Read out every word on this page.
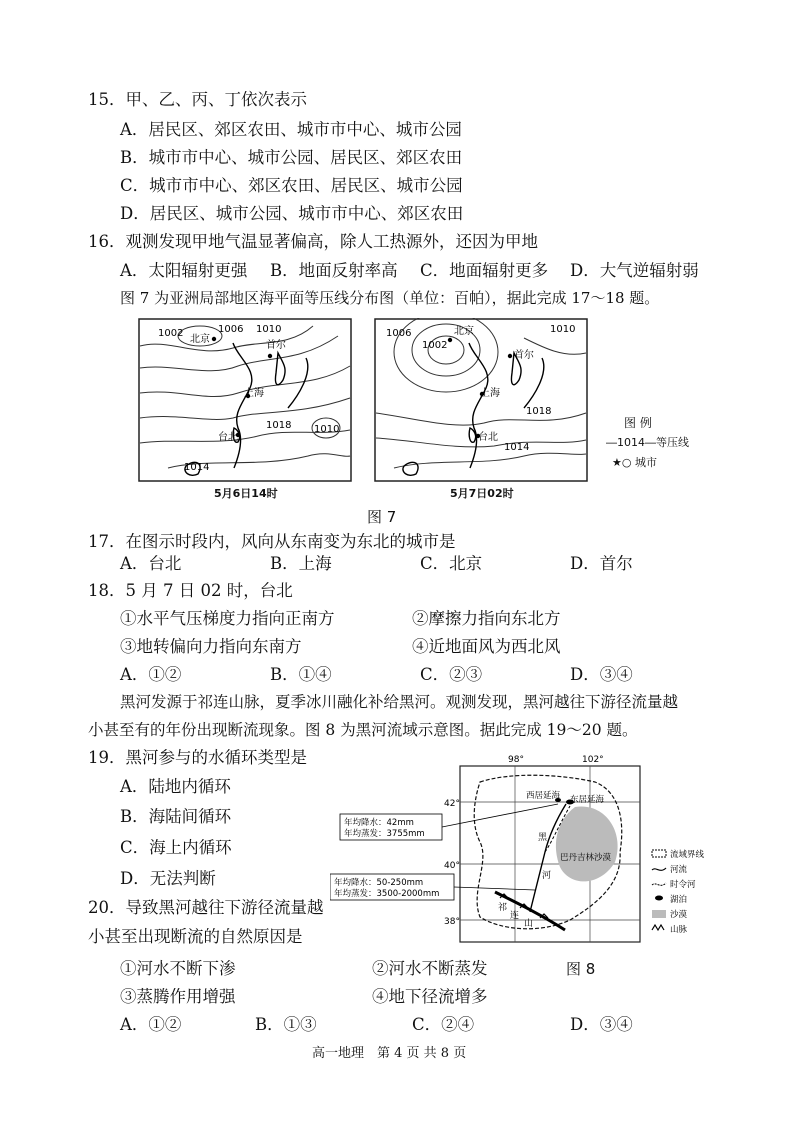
15．甲、乙、丙、丁依次表示
A．居民区、郊区农田、城市市中心、城市公园
B．城市市中心、城市公园、居民区、郊区农田
C．城市市中心、郊区农田、居民区、城市公园
D．居民区、城市公园、城市市中心、郊区农田
16．观测发现甲地气温显著偏高，除人工热源外，还因为甲地
A．太阳辐射更强 B．地面反射率高 C．地面辐射更多 D．大气逆辐射弱
图 7 为亚洲局部地区海平面等压线分布图（单位：百帕），据此完成 17～18 题。
1002
北京
1006 1010
首尔
上海
1018 1010
台北
1014
5月6日14时
1006	北京	1010
1002
首尔
上海
1018
台北
1014
5月7日02时
图 例
―1014―等压线
★○ 城市
图 7
17．在图示时段内，风向从东南变为东北的城市是
A．台北	B．上海	C．北京	D．首尔
18．5 月 7 日 02 时，台北
①水平气压梯度力指向正南方	②摩擦力指向东北方
③地转偏向力指向东南方	④近地面风为西北风
A．①②	B．①④	C．②③	D．③④
黑河发源于祁连山脉，夏季冰川融化补给黑河。观测发现，黑河越往下游径流量越
小甚至有的年份出现断流现象。图 8 为黑河流域示意图。据此完成 19～20 题。
19．黑河参与的水循环类型是
A．陆地内循环
B．海陆间循环
C．海上内循环
D．无法判断
20．导致黑河越往下游径流量越
小甚至出现断流的自然原因是
①河水不断下渗	②河水不断蒸发
③蒸腾作用增强	④地下径流增多
A．①②	B．①③	C．②④	D．③④
98°	102°
42°
40°
38°
年均降水：42mm
年均蒸发：3755mm
年均降水：50-250mm
年均蒸发：3500-2000mm
西居延海 东居延海
黑
河
巴丹吉林沙漠
祁
连
山
流域界线
河流
时令河
湖泊
沙漠
山脉
图 8
高一地理　第 4 页 共 8 页
